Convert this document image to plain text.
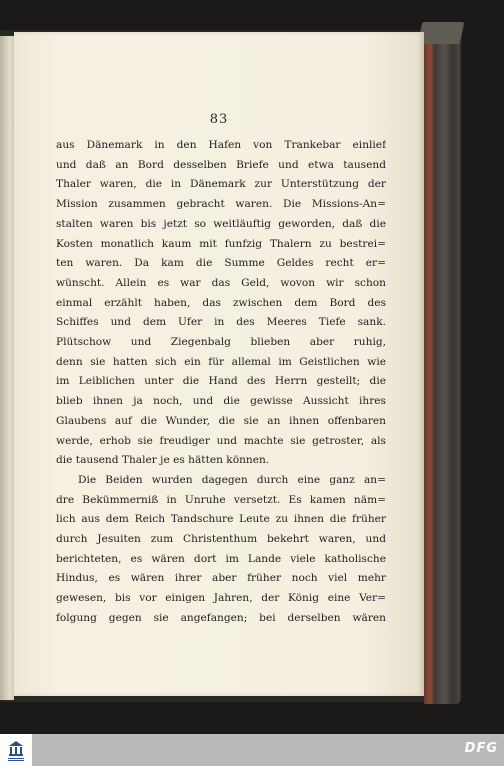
83
aus Dänemark in den Hafen von Trankebar einlief
und daß an Bord desselben Briefe und etwa tausend
Thaler waren, die in Dänemark zur Unterstützung der
Mission zusammen gebracht waren. Die Missions-An=
stalten waren bis jetzt so weitläuftig geworden, daß die
Kosten monatlich kaum mit funfzig Thalern zu bestrei=
ten waren. Da kam die Summe Geldes recht er=
wünscht. Allein es war das Geld, wovon wir schon
einmal erzählt haben, das zwischen dem Bord des
Schiffes und dem Ufer in des Meeres Tiefe sank.
Plütschow und Ziegenbalg blieben aber ruhig,
denn sie hatten sich ein für allemal im Geistlichen wie
im Leiblichen unter die Hand des Herrn gestellt; die
blieb ihnen ja noch, und die gewisse Aussicht ihres
Glaubens auf die Wunder, die sie an ihnen offenbaren
werde, erhob sie freudiger und machte sie getroster, als
die tausend Thaler je es hätten können.
Die Beiden wurden dagegen durch eine ganz an=
dre Bekümmerniß in Unruhe versetzt. Es kamen näm=
lich aus dem Reich Tandschure Leute zu ihnen die früher
durch Jesuiten zum Christenthum bekehrt waren, und
berichteten, es wären dort im Lande viele katholische
Hindus, es wären ihrer aber früher noch viel mehr
gewesen, bis vor einigen Jahren, der König eine Ver=
folgung gegen sie angefangen; bei derselben wären
DFG
